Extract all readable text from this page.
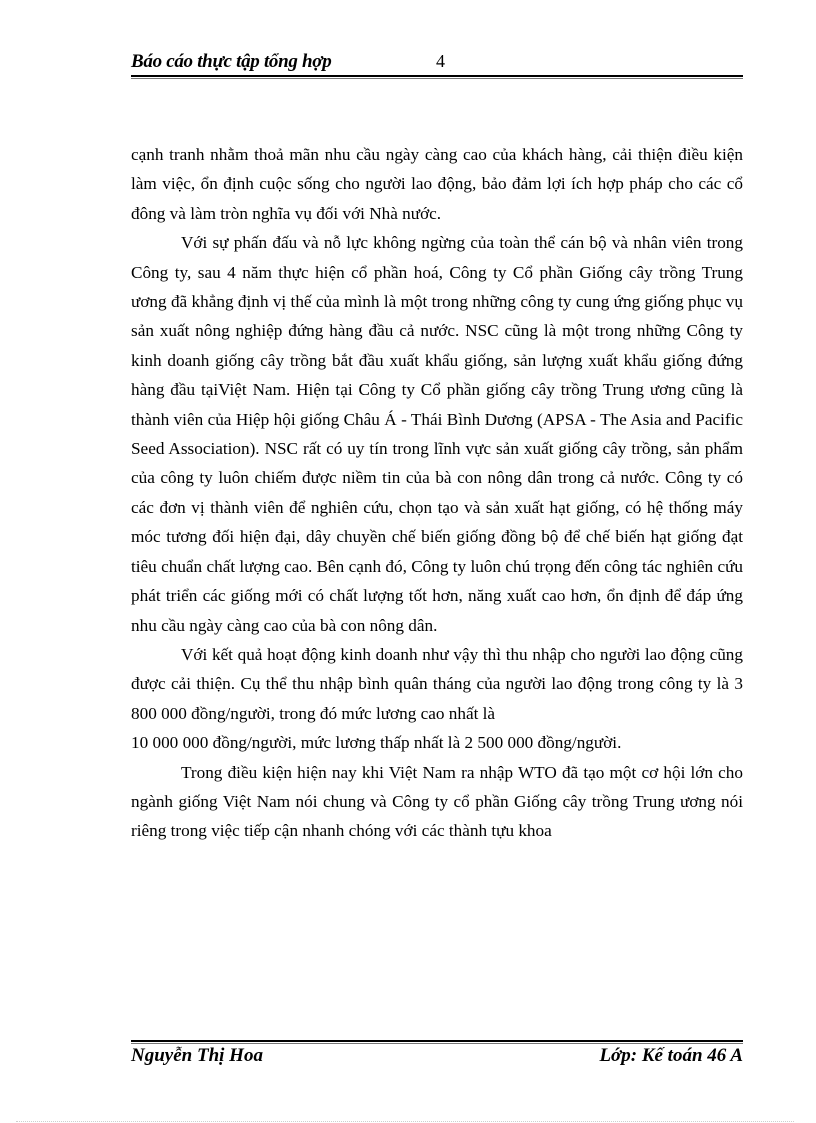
Báo cáo thực tập tổng hợp	4

cạnh tranh nhằm thoả mãn nhu cầu ngày càng cao của khách hàng, cải thiện điều kiện làm việc, ổn định cuộc sống cho người lao động, bảo đảm lợi ích hợp pháp cho các cổ đông và làm tròn nghĩa vụ đối với Nhà nước.

Với sự phấn đấu và nỗ lực không ngừng của toàn thể cán bộ và nhân viên trong Công ty, sau 4 năm thực hiện cổ phần hoá, Công ty Cổ phần Giống cây trồng Trung ương đã khẳng định vị thế của mình là một trong những công ty cung ứng giống phục vụ sản xuất nông nghiệp đứng hàng đầu cả nước. NSC cũng là một trong những Công ty kinh doanh giống cây trồng bắt đầu xuất khẩu giống, sản lượng xuất khẩu giống đứng hàng đầu tạiViệt Nam. Hiện tại Công ty Cổ phần giống cây trồng Trung ương cũng là thành viên của Hiệp hội giống Châu Á - Thái Bình Dương (APSA - The Asia and Pacific Seed Association). NSC rất có uy tín trong lĩnh vực sản xuất giống cây trồng, sản phẩm của công ty luôn chiếm được niềm tin của bà con nông dân trong cả nước. Công ty có các đơn vị thành viên để nghiên cứu, chọn tạo và sản xuất hạt giống, có hệ thống máy móc tương đối hiện đại, dây chuyền chế biến giống đồng bộ để chế biến hạt giống đạt tiêu chuẩn chất lượng cao. Bên cạnh đó, Công ty luôn chú trọng đến công tác nghiên cứu phát triển các giống mới có chất lượng tốt hơn, năng xuất cao hơn, ổn định để đáp ứng nhu cầu ngày càng cao của bà con nông dân.

Với kết quả hoạt động kinh doanh như vậy thì thu nhập cho người lao động cũng được cải thiện. Cụ thể thu nhập bình quân tháng của người lao động trong công ty là 3 800 000 đồng/người, trong đó mức lương cao nhất là

10 000 000 đồng/người, mức lương thấp nhất là 2 500 000 đồng/người.

Trong điều kiện hiện nay khi Việt Nam ra nhập WTO đã tạo một cơ hội lớn cho ngành giống Việt Nam nói chung và Công ty cổ phần Giống cây trồng Trung ương nói riêng trong việc tiếp cận nhanh chóng với các thành tựu khoa

Nguyễn Thị Hoa	Lớp: Kế toán 46 A
